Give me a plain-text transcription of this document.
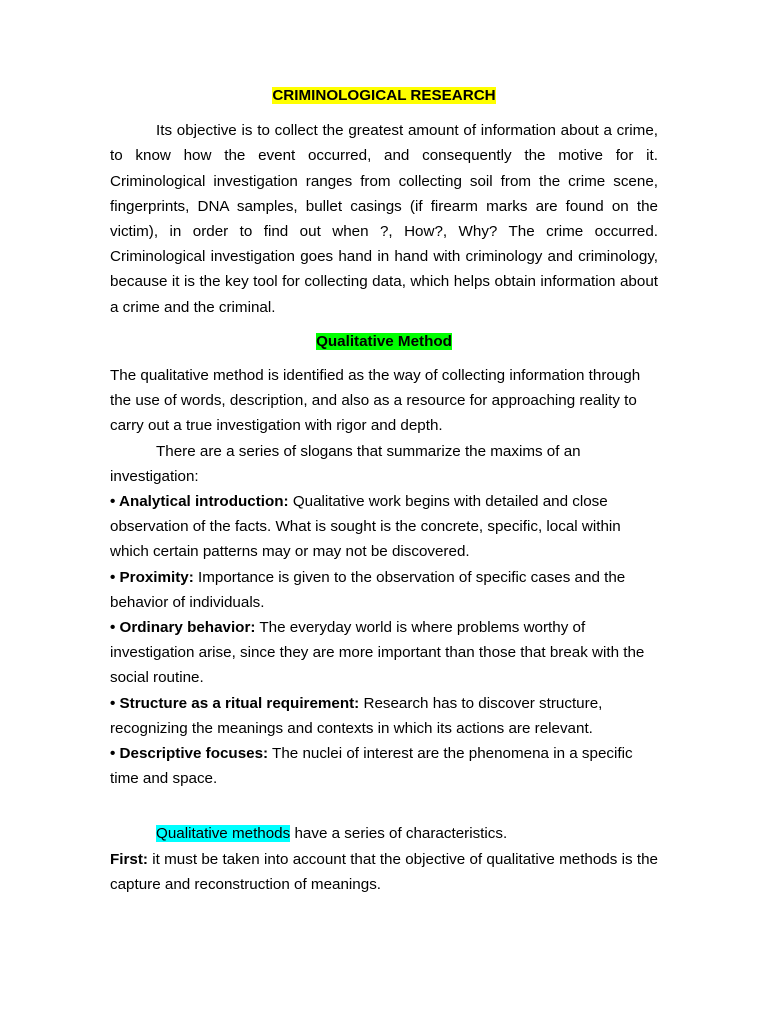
CRIMINOLOGICAL RESEARCH

Its objective is to collect the greatest amount of information about a crime, to know how the event occurred, and consequently the motive for it. Criminological investigation ranges from collecting soil from the crime scene, fingerprints, DNA samples, bullet casings (if firearm marks are found on the victim), in order to find out when ?, How?, Why? The crime occurred. Criminological investigation goes hand in hand with criminology and criminology, because it is the key tool for collecting data, which helps obtain information about a crime and the criminal.

Qualitative Method

The qualitative method is identified as the way of collecting information through the use of words, description, and also as a resource for approaching reality to carry out a true investigation with rigor and depth.

There are a series of slogans that summarize the maxims of an investigation:

• Analytical introduction: Qualitative work begins with detailed and close observation of the facts. What is sought is the concrete, specific, local within which certain patterns may or may not be discovered.

• Proximity: Importance is given to the observation of specific cases and the behavior of individuals.

• Ordinary behavior: The everyday world is where problems worthy of investigation arise, since they are more important than those that break with the social routine.

• Structure as a ritual requirement: Research has to discover structure, recognizing the meanings and contexts in which its actions are relevant.

• Descriptive focuses: The nuclei of interest are the phenomena in a specific time and space.

Qualitative methods have a series of characteristics.

First: it must be taken into account that the objective of qualitative methods is the capture and reconstruction of meanings.
